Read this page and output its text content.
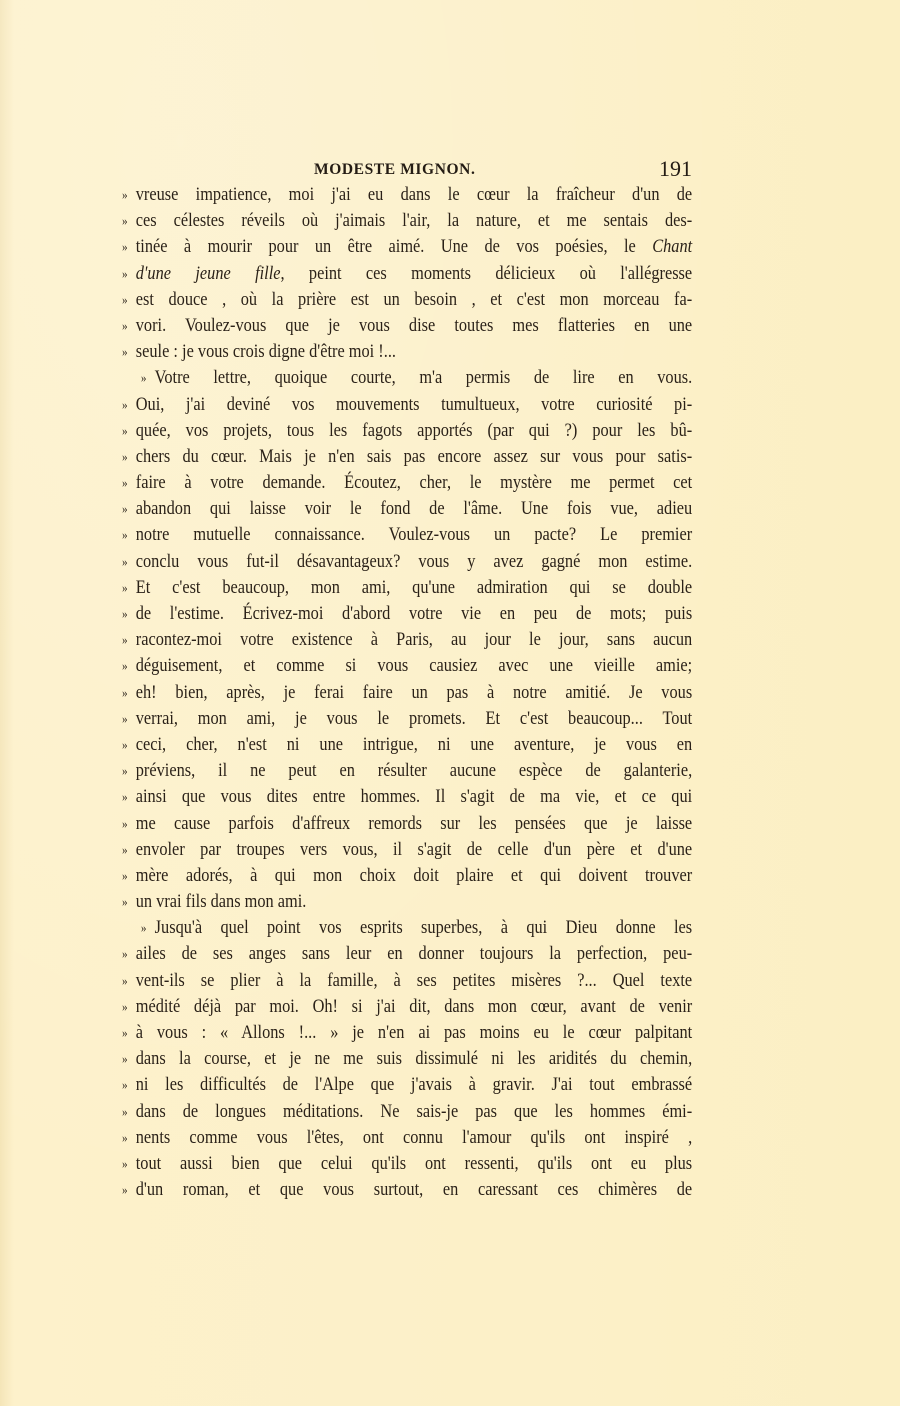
MODESTE MIGNON.	191
» vreuse impatience, moi j'ai eu dans le cœur la fraîcheur d'un de
» ces célestes réveils où j'aimais l'air, la nature, et me sentais des-
» tinée à mourir pour un être aimé. Une de vos poésies, le Chant
» d'une jeune fille, peint ces moments délicieux où l'allégresse
» est douce , où la prière est un besoin , et c'est mon morceau fa-
» vori. Voulez-vous que je vous dise toutes mes flatteries en une
» seule : je vous crois digne d'être moi !...
» Votre lettre, quoique courte, m'a permis de lire en vous.
» Oui, j'ai deviné vos mouvements tumultueux, votre curiosité pi-
» quée, vos projets, tous les fagots apportés (par qui ?) pour les bû-
» chers du cœur. Mais je n'en sais pas encore assez sur vous pour satis-
» faire à votre demande. Écoutez, cher, le mystère me permet cet
» abandon qui laisse voir le fond de l'âme. Une fois vue, adieu
» notre mutuelle connaissance. Voulez-vous un pacte? Le premier
» conclu vous fut-il désavantageux? vous y avez gagné mon estime.
» Et c'est beaucoup, mon ami, qu'une admiration qui se double
» de l'estime. Écrivez-moi d'abord votre vie en peu de mots; puis
» racontez-moi votre existence à Paris, au jour le jour, sans aucun
» déguisement, et comme si vous causiez avec une vieille amie;
» eh! bien, après, je ferai faire un pas à notre amitié. Je vous
» verrai, mon ami, je vous le promets. Et c'est beaucoup... Tout
» ceci, cher, n'est ni une intrigue, ni une aventure, je vous en
» préviens, il ne peut en résulter aucune espèce de galanterie,
» ainsi que vous dites entre hommes. Il s'agit de ma vie, et ce qui
» me cause parfois d'affreux remords sur les pensées que je laisse
» envoler par troupes vers vous, il s'agit de celle d'un père et d'une
» mère adorés, à qui mon choix doit plaire et qui doivent trouver
» un vrai fils dans mon ami.
» Jusqu'à quel point vos esprits superbes, à qui Dieu donne les
» ailes de ses anges sans leur en donner toujours la perfection, peu-
» vent-ils se plier à la famille, à ses petites misères ?... Quel texte
» médité déjà par moi. Oh! si j'ai dit, dans mon cœur, avant de venir
» à vous : « Allons !... » je n'en ai pas moins eu le cœur palpitant
» dans la course, et je ne me suis dissimulé ni les aridités du chemin,
» ni les difficultés de l'Alpe que j'avais à gravir. J'ai tout embrassé
» dans de longues méditations. Ne sais-je pas que les hommes émi-
» nents comme vous l'êtes, ont connu l'amour qu'ils ont inspiré ,
» tout aussi bien que celui qu'ils ont ressenti, qu'ils ont eu plus
» d'un roman, et que vous surtout, en caressant ces chimères de
